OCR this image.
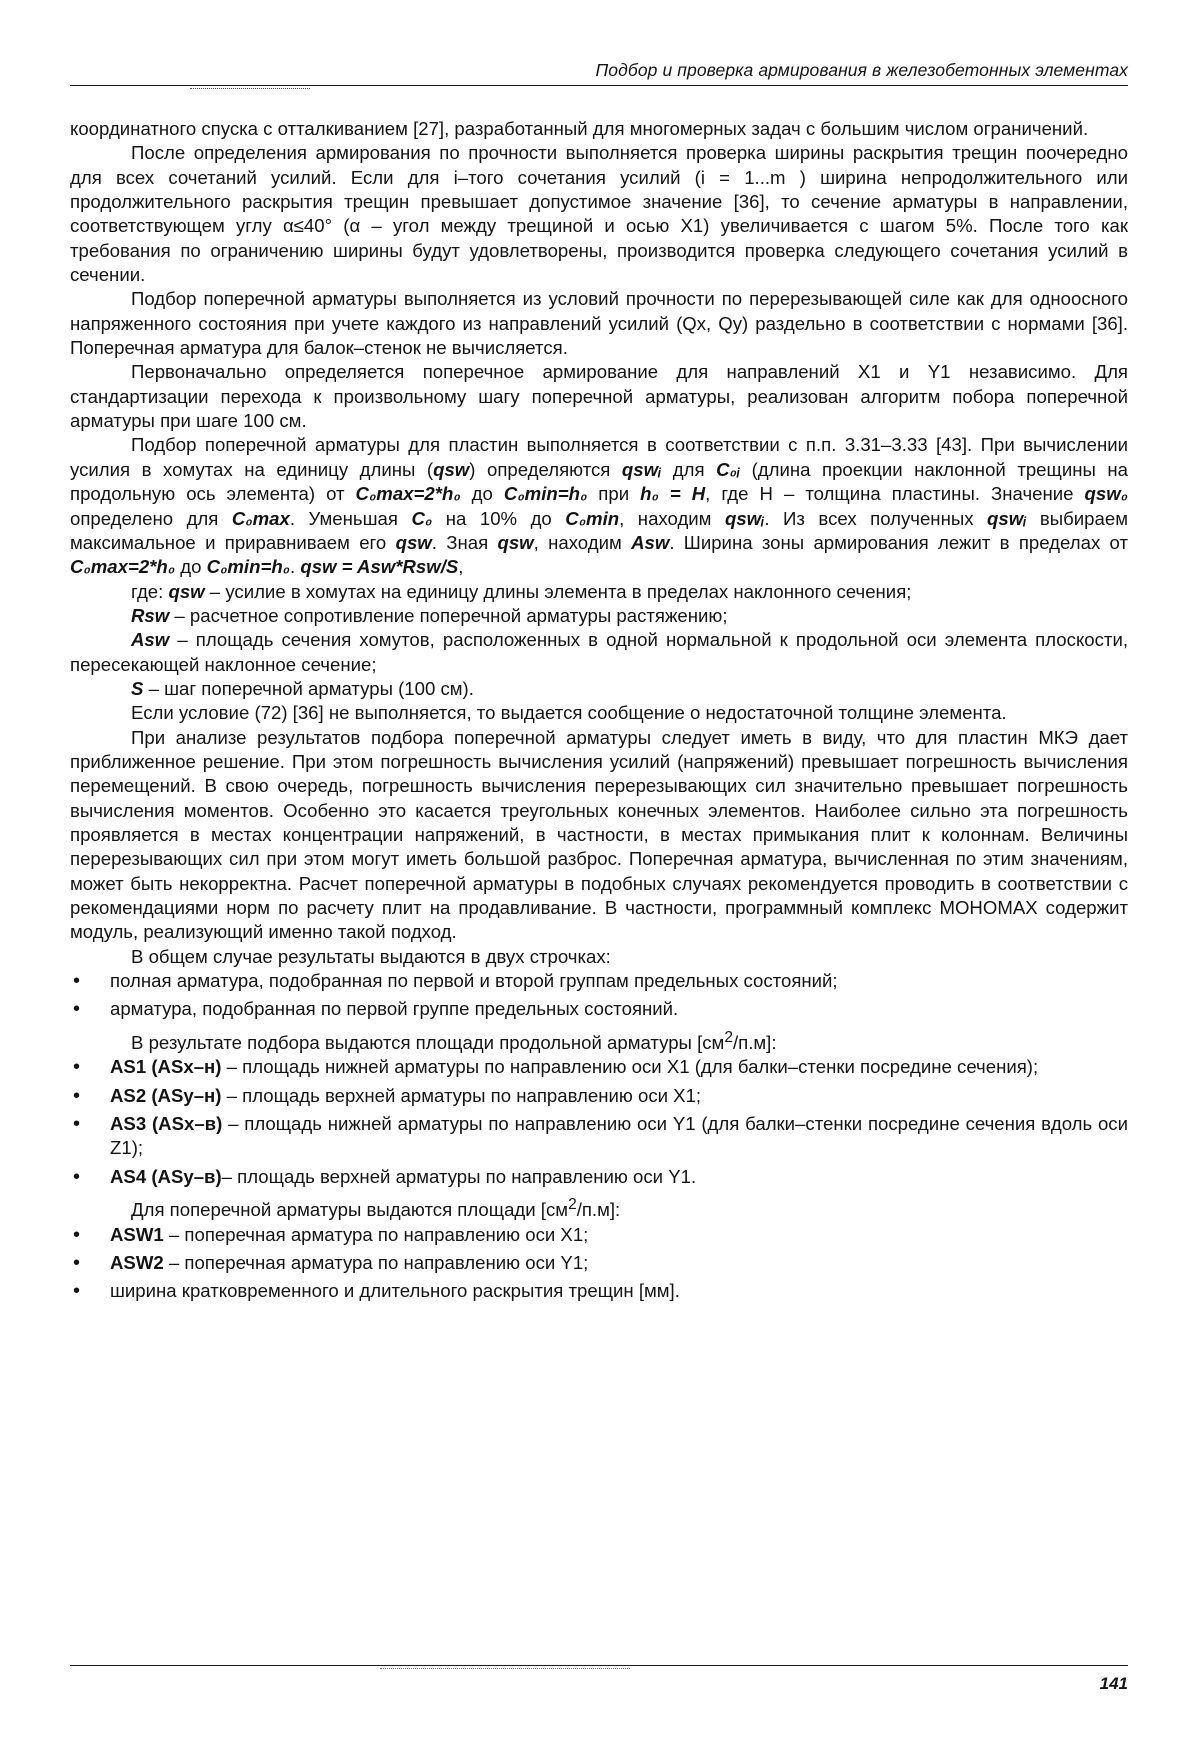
Подбор и проверка армирования в железобетонных элементах

координатного спуска с отталкиванием [27], разработанный для многомерных задач с большим числом ограничений.

После определения армирования по прочности выполняется проверка ширины раскрытия трещин поочередно для всех сочетаний усилий. Если для i–того сочетания усилий (i = 1...m ) ширина непродолжительного или продолжительного раскрытия трещин превышает допустимое значение [36], то сечение арматуры в направлении, соответствующем углу α≤40° (α – угол между трещиной и осью X1) увеличивается с шагом 5%. После того как требования по ограничению ширины будут удовлетворены, производится проверка следующего сочетания усилий в сечении.

Подбор поперечной арматуры выполняется из условий прочности по перерезывающей силе как для одноосного напряженного состояния при учете каждого из направлений усилий (Qx, Qy) раздельно в соответствии с нормами [36]. Поперечная арматура для балок–стенок не вычисляется.

Первоначально определяется поперечное армирование для направлений X1 и Y1 независимо. Для стандартизации перехода к произвольному шагу поперечной арматуры, реализован алгоритм побора поперечной арматуры при шаге 100 см.

Подбор поперечной арматуры для пластин выполняется в соответствии с п.п. 3.31–3.33 [43]. При вычислении усилия в хомутах на единицу длины (qsw) определяются qswᵢ для C₀ᵢ (длина проекции наклонной трещины на продольную ось элемента) от C₀max=2*h₀ до C₀min=h₀ при h₀ = H, где H – толщина пластины. Значение qsw₀ определено для C₀max. Уменьшая C₀ на 10% до C₀min, находим qswᵢ. Из всех полученных qswᵢ выбираем максимальное и приравниваем его qsw. Зная qsw, находим Asw. Ширина зоны армирования лежит в пределах от C₀max=2*h₀ до C₀min=h₀. qsw = Asw*Rsw/S,

где: qsw – усилие в хомутах на единицу длины элемента в пределах наклонного сечения;

Rsw – расчетное сопротивление поперечной арматуры растяжению;

Asw – площадь сечения хомутов, расположенных в одной нормальной к продольной оси элемента плоскости, пересекающей наклонное сечение;

S – шаг поперечной арматуры (100 см).

Если условие (72) [36] не выполняется, то выдается сообщение о недостаточной толщине элемента.

При анализе результатов подбора поперечной арматуры следует иметь в виду, что для пластин МКЭ дает приближенное решение. При этом погрешность вычисления усилий (напряжений) превышает погрешность вычисления перемещений. В свою очередь, погрешность вычисления перерезывающих сил значительно превышает погрешность вычисления моментов. Особенно это касается треугольных конечных элементов. Наиболее сильно эта погрешность проявляется в местах концентрации напряжений, в частности, в местах примыкания плит к колоннам. Величины перерезывающих сил при этом могут иметь большой разброс. Поперечная арматура, вычисленная по этим значениям, может быть некорректна. Расчет поперечной арматуры в подобных случаях рекомендуется проводить в соответствии с рекомендациями норм по расчету плит на продавливание. В частности, программный комплекс МОНОМАХ содержит модуль, реализующий именно такой подход.

В общем случае результаты выдаются в двух строчках:

• полная арматура, подобранная по первой и второй группам предельных состояний;
• арматура, подобранная по первой группе предельных состояний.

В результате подбора выдаются площади продольной арматуры $[см^2/п.м]$:

• AS1 (ASx–н) – площадь нижней арматуры по направлению оси X1 (для балки–стенки посредине сечения);
• AS2 (ASy–н) – площадь верхней арматуры по направлению оси X1;
• AS3 (ASx–в) – площадь нижней арматуры по направлению оси Y1 (для балки–стенки посредине сечения вдоль оси Z1);
• AS4 (ASy–в)– площадь верхней арматуры по направлению оси Y1.

Для поперечной арматуры выдаются площади $[см^2/п.м]$:

• ASW1 – поперечная арматура по направлению оси X1;
• ASW2 – поперечная арматура по направлению оси Y1;
• ширина кратковременного и длительного раскрытия трещин [мм].
141
